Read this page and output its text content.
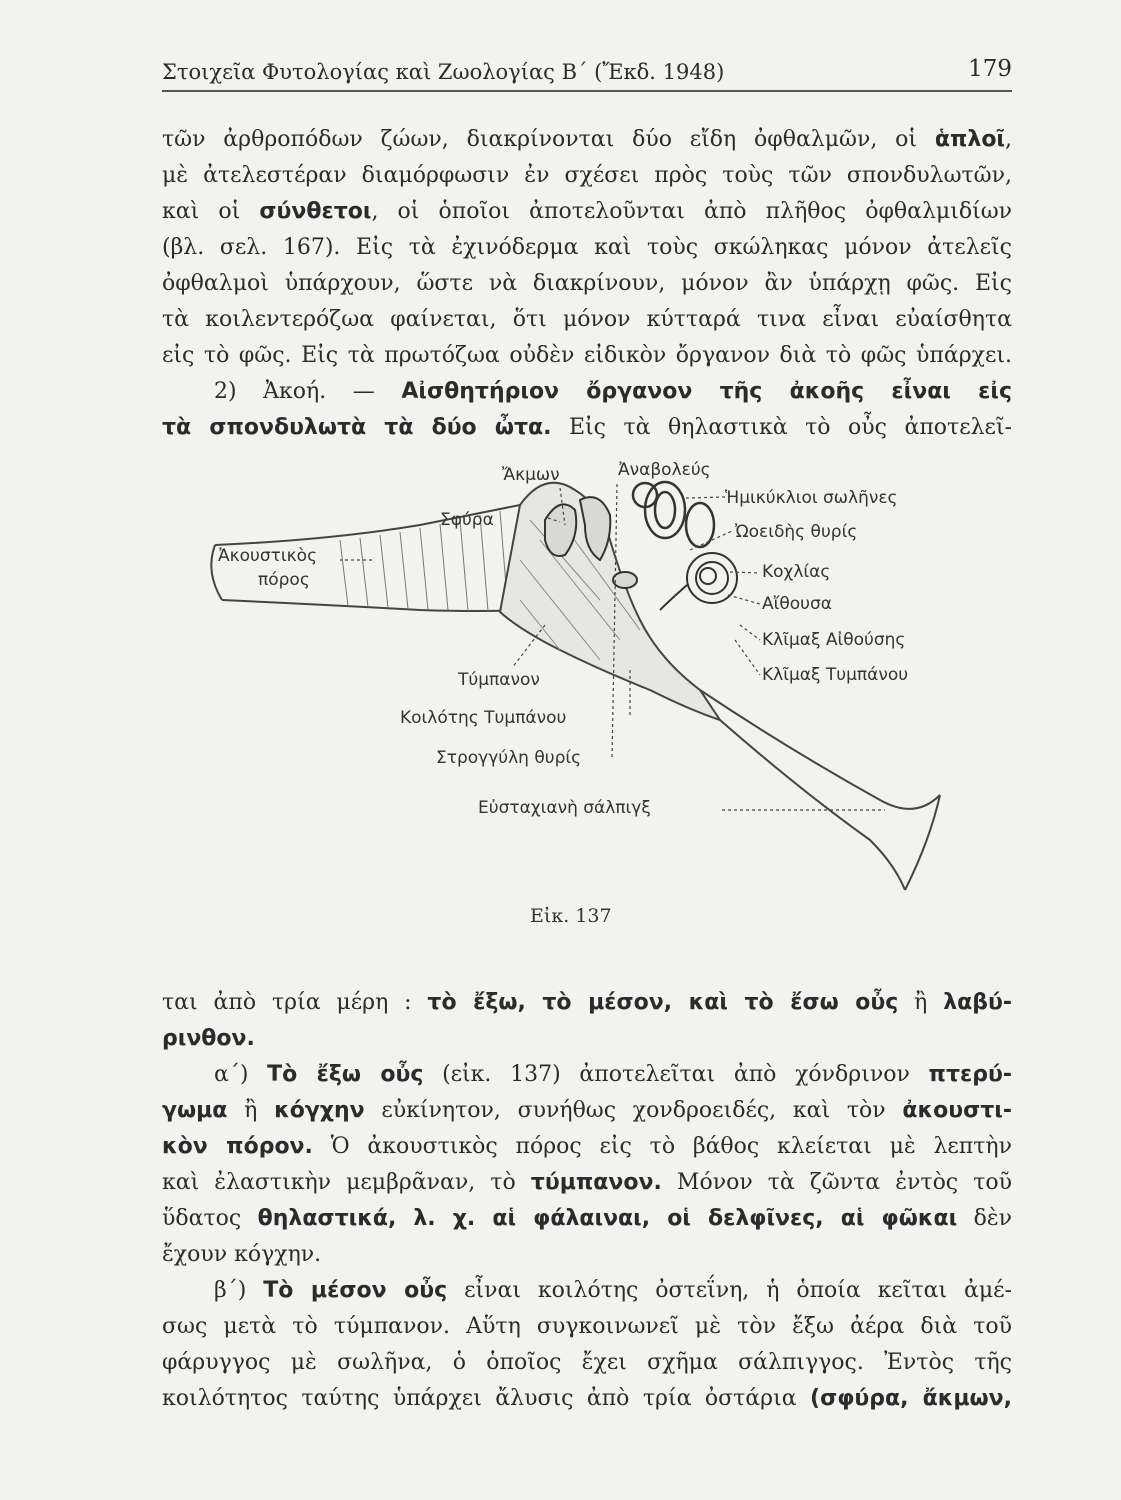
Στοιχεῖα Φυτολογίας καὶ Ζωολογίας Β΄ (Ἔκδ. 1948)	179
τῶν ἀρθροπόδων ζώων, διακρίνονται δύο εἴδη ὀφθαλμῶν, οἱ ἁπλοῖ,
μὲ ἀτελεστέραν διαμόρφωσιν ἐν σχέσει πρὸς τοὺς τῶν σπονδυλωτῶν,
καὶ οἱ σύνθετοι, οἱ ὁποῖοι ἀποτελοῦνται ἀπὸ πλῆθος ὀφθαλμιδίων
(βλ. σελ. 167). Εἰς τὰ ἐχινόδερμα καὶ τοὺς σκώληκας μόνον ἀτελεῖς
ὀφθαλμοὶ ὑπάρχουν, ὥστε νὰ διακρίνουν, μόνον ἂν ὑπάρχῃ φῶς. Εἰς
τὰ κοιλεντερόζωα φαίνεται, ὅτι μόνον κύτταρά τινα εἶναι εὐαίσθητα
εἰς τὸ φῶς. Εἰς τὰ πρωτόζωα οὐδὲν εἰδικὸν ὄργανον διὰ τὸ φῶς ὑπάρχει.
2) Ἀκοή. — Αἰσθητήριον ὄργανον τῆς ἀκοῆς εἶναι εἰς
τὰ σπονδυλωτὰ τὰ δύο ὦτα. Εἰς τὰ θηλαστικὰ τὸ οὖς ἀποτελεῖ-
Ἄκμων	Ἀναβολεύς
Ἡμικύκλιοι σωλῆνες
Σφύρα
Ὠοειδὴς θυρίς
Ἀκουστικὸς
πόρος	Κοχλίας
Αἴθουσα
Κλῖμαξ Αἰθούσης
Κλῖμαξ Τυμπάνου
Τύμπανον
Κοιλότης Τυμπάνου
Στρογγύλη θυρίς
Εὐσταχιανὴ σάλπιγξ
Εἰκ. 137
ται ἀπὸ τρία μέρη : τὸ ἔξω, τὸ μέσον, καὶ τὸ ἔσω οὖς ἢ λαβύ-
ρινθον.
α΄) Τὸ ἔξω οὖς (εἰκ. 137) ἀποτελεῖται ἀπὸ χόνδρινον πτερύ-
γωμα ἢ κόγχην εὐκίνητον, συνήθως χονδροειδές, καὶ τὸν ἀκουστι-
κὸν πόρον. Ὁ ἀκουστικὸς πόρος εἰς τὸ βάθος κλείεται μὲ λεπτὴν
καὶ ἐλαστικὴν μεμβρᾶναν, τὸ τύμπανον. Μόνον τὰ ζῶντα ἐντὸς τοῦ
ὕδατος θηλαστικά, λ. χ. αἱ φάλαιναι, οἱ δελφῖνες, αἱ φῶκαι δὲν
ἔχουν κόγχην.
β΄) Τὸ μέσον οὖς εἶναι κοιλότης ὀστεΐνη, ἡ ὁποία κεῖται ἀμέ-
σως μετὰ τὸ τύμπανον. Αὕτη συγκοινωνεῖ μὲ τὸν ἔξω ἀέρα διὰ τοῦ
φάρυγγος μὲ σωλῆνα, ὁ ὁποῖος ἔχει σχῆμα σάλπιγγος. Ἐντὸς τῆς
κοιλότητος ταύτης ὑπάρχει ἄλυσις ἀπὸ τρία ὀστάρια (σφύρα, ἄκμων,
